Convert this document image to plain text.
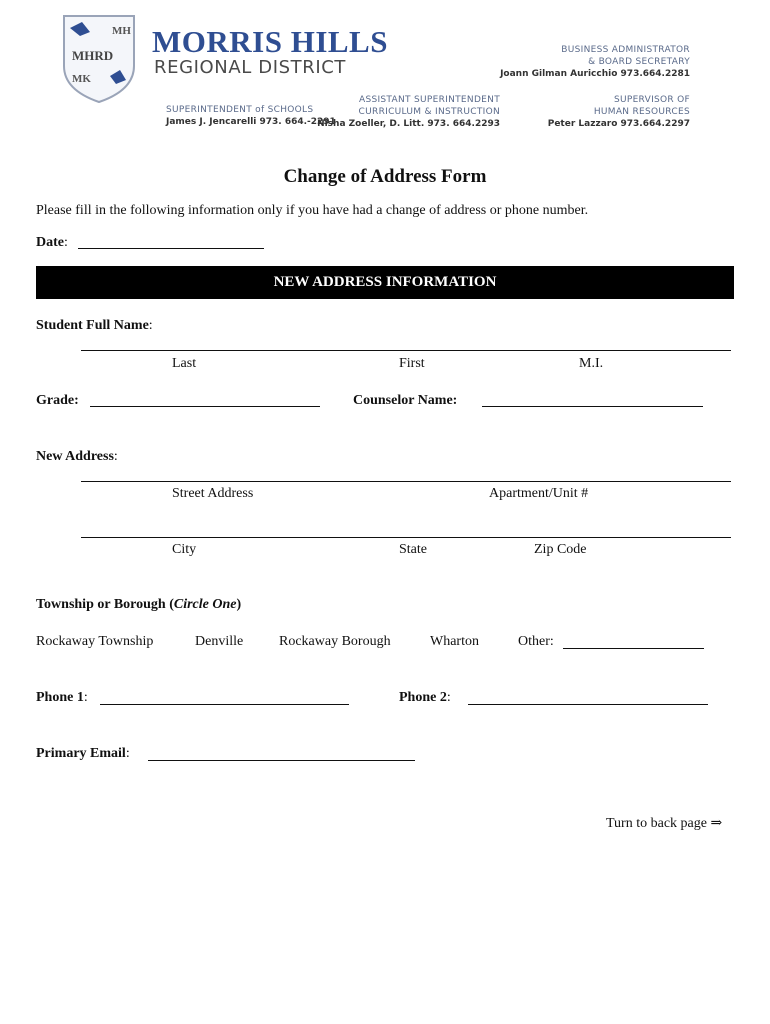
MH
MHRD
MK
MORRIS HILLS
REGIONAL DISTRICT
BUSINESS ADMINISTRATOR
& BOARD SECRETARY
Joann Gilman Auricchio 973.664.2281
SUPERINTENDENT of SCHOOLS
James J. Jencarelli 973. 664.-2291
ASSISTANT SUPERINTENDENT
CURRICULUM & INSTRUCTION
Nisha Zoeller, D. Litt. 973. 664.2293
SUPERVISOR OF
HUMAN RESOURCES
Peter Lazzaro 973.664.2297
Change of Address Form
Please fill in the following information only if you have had a change of address or phone number.
Date:
NEW ADDRESS INFORMATION
Student Full Name:
Last	First	M.I.
Grade:	Counselor Name:
New Address:
Street Address	Apartment/Unit #
City	State	Zip Code
Township or Borough (Circle One)
Rockaway Township	Denville	Rockaway Borough	Wharton	Other:
Phone 1:	Phone 2:
Primary Email:
Turn to back page ⇒
